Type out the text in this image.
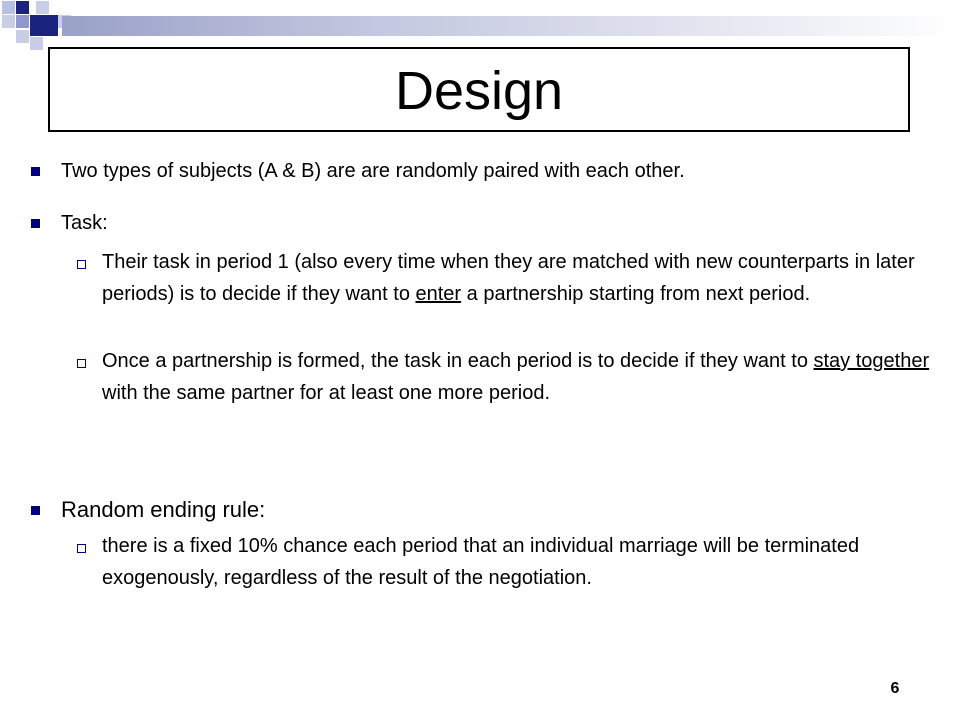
Design
Two types of subjects (A & B) are are randomly paired with each other.
Task:
Their task in period 1 (also every time when they are matched with new counterparts in later periods) is to decide if they want to enter a partnership starting from next period.
Once a partnership is formed, the task in each period is to decide if they want to stay together with the same partner for at least one more period.
Random ending rule:
there is a fixed 10% chance each period that an individual marriage will be terminated exogenously, regardless of the result of the negotiation.
6
